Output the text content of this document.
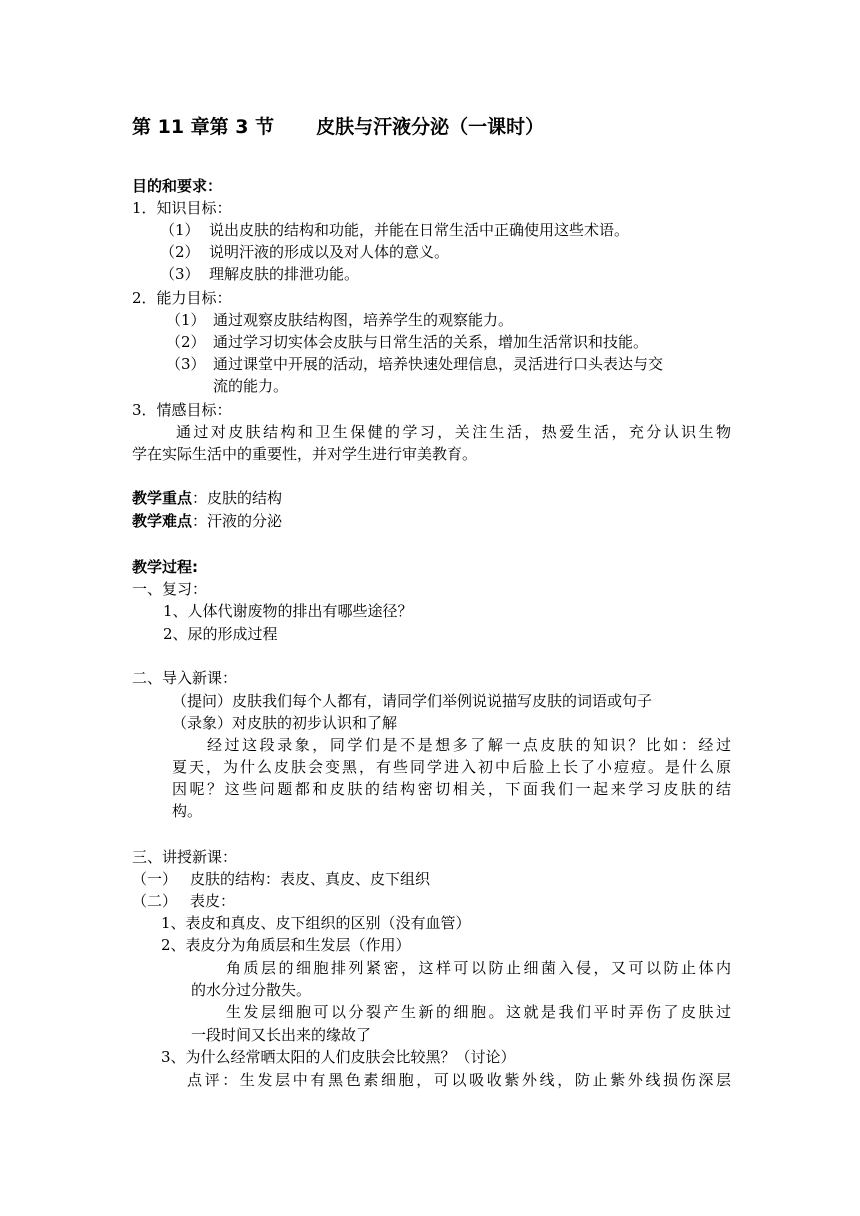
第 11 章第 3 节 皮肤与汗液分泌（一课时）
目的和要求：
1．知识目标：
（1） 说出皮肤的结构和功能，并能在日常生活中正确使用这些术语。
（2） 说明汗液的形成以及对人体的意义。
（3） 理解皮肤的排泄功能。
2．能力目标：
（1） 通过观察皮肤结构图，培养学生的观察能力。
（2） 通过学习切实体会皮肤与日常生活的关系，增加生活常识和技能。
（3） 通过课堂中开展的活动，培养快速处理信息，灵活进行口头表达与交
流的能力。
3．情感目标：
通过对皮肤结构和卫生保健的学习，关注生活，热爱生活，充分认识生物
学在实际生活中的重要性，并对学生进行审美教育。
教学重点：皮肤的结构
教学难点：汗液的分泌
教学过程:
一、复习：
1、人体代谢废物的排出有哪些途径？
2、尿的形成过程
二、导入新课：
（提问）皮肤我们每个人都有，请同学们举例说说描写皮肤的词语或句子
（录象）对皮肤的初步认识和了解
经过这段录象，同学们是不是想多了解一点皮肤的知识？比如：经过
夏天，为什么皮肤会变黑，有些同学进入初中后脸上长了小痘痘。是什么原
因呢？这些问题都和皮肤的结构密切相关，下面我们一起来学习皮肤的结
构。
三、讲授新课：
（一） 皮肤的结构：表皮、真皮、皮下组织
（二） 表皮：
1、表皮和真皮、皮下组织的区别（没有血管）
2、表皮分为角质层和生发层（作用）
角质层的细胞排列紧密，这样可以防止细菌入侵，又可以防止体内
的水分过分散失。
生发层细胞可以分裂产生新的细胞。这就是我们平时弄伤了皮肤过
一段时间又长出来的缘故了
3、为什么经常晒太阳的人们皮肤会比较黑？（讨论）
点评：生发层中有黑色素细胞，可以吸收紫外线，防止紫外线损伤深层
